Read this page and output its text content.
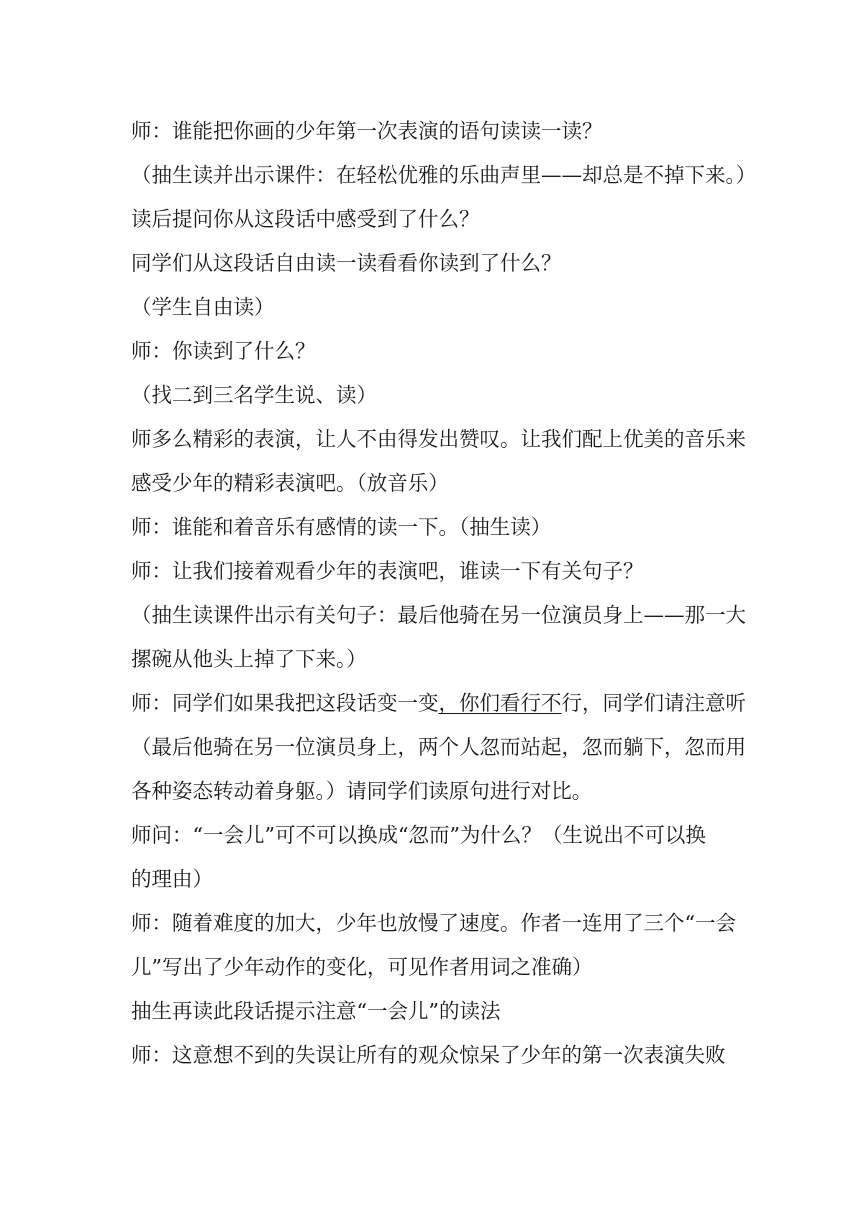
师：谁能把你画的少年第一次表演的语句读读一读？
（抽生读并出示课件：在轻松优雅的乐曲声里——却总是不掉下来。）
读后提问你从这段话中感受到了什么？
同学们从这段话自由读一读看看你读到了什么？
（学生自由读）
师：你读到了什么？
（找二到三名学生说、读）
师多么精彩的表演，让人不由得发出赞叹。让我们配上优美的音乐来
感受少年的精彩表演吧。（放音乐）
师：谁能和着音乐有感情的读一下。（抽生读）
师：让我们接着观看少年的表演吧，谁读一下有关句子？
（抽生读课件出示有关句子：最后他骑在另一位演员身上——那一大
摞碗从他头上掉了下来。）
师：同学们如果我把这段话变一变，你们看行不行，同学们请注意听
（最后他骑在另一位演员身上，两个人忽而站起，忽而躺下，忽而用
各种姿态转动着身躯。）请同学们读原句进行对比。
师问：“一会儿”可不可以换成“忽而”为什么？（生说出不可以换
的理由）
师：随着难度的加大，少年也放慢了速度。作者一连用了三个“一会
儿”写出了少年动作的变化，可见作者用词之准确）
抽生再读此段话提示注意“一会儿”的读法
师：这意想不到的失误让所有的观众惊呆了少年的第一次表演失败
